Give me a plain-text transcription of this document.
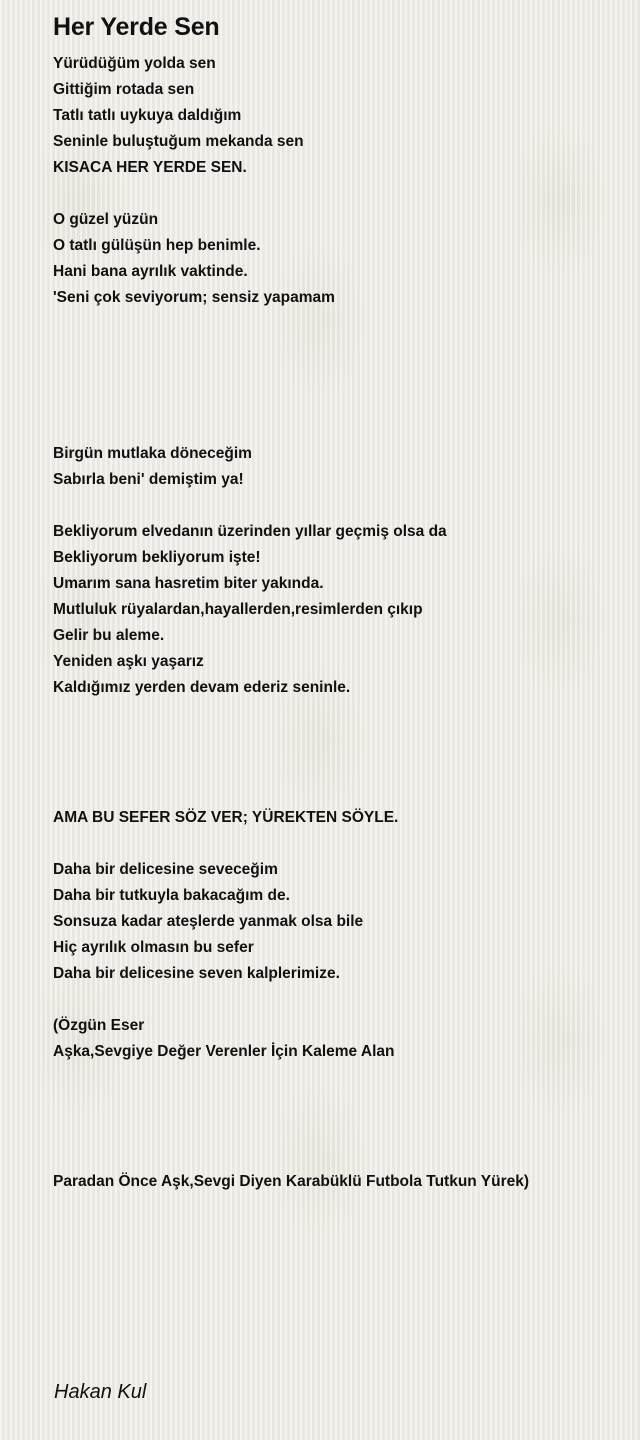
Her Yerde Sen
Yürüdüğüm yolda sen
Gittiğim rotada sen
Tatlı tatlı uykuya daldığım
Seninle buluştuğum mekanda sen
KISACA HER YERDE SEN.
O güzel yüzün
O tatlı gülüşün hep benimle.
Hani bana ayrılık vaktinde.
'Seni çok seviyorum; sensiz yapamam
Birgün mutlaka döneceğim
Sabırla beni' demiştim ya!
Bekliyorum elvedanın üzerinden yıllar geçmiş olsa da
Bekliyorum bekliyorum işte!
Umarım sana hasretim biter yakında.
Mutluluk rüyalardan,hayallerden,resimlerden çıkıp
Gelir bu aleme.
Yeniden aşkı yaşarız
Kaldığımız yerden devam ederiz seninle.
AMA BU SEFER SÖZ VER; YÜREKTEN SÖYLE.
Daha bir delicesine seveceğim
Daha bir tutkuyla bakacağım de.
Sonsuza kadar ateşlerde yanmak olsa bile
Hiç ayrılık olmasın bu sefer
Daha bir delicesine seven kalplerimize.
(Özgün Eser
Aşka,Sevgiye Değer Verenler İçin Kaleme Alan
Paradan Önce Aşk,Sevgi Diyen Karabüklü Futbola Tutkun Yürek)
Hakan Kul
